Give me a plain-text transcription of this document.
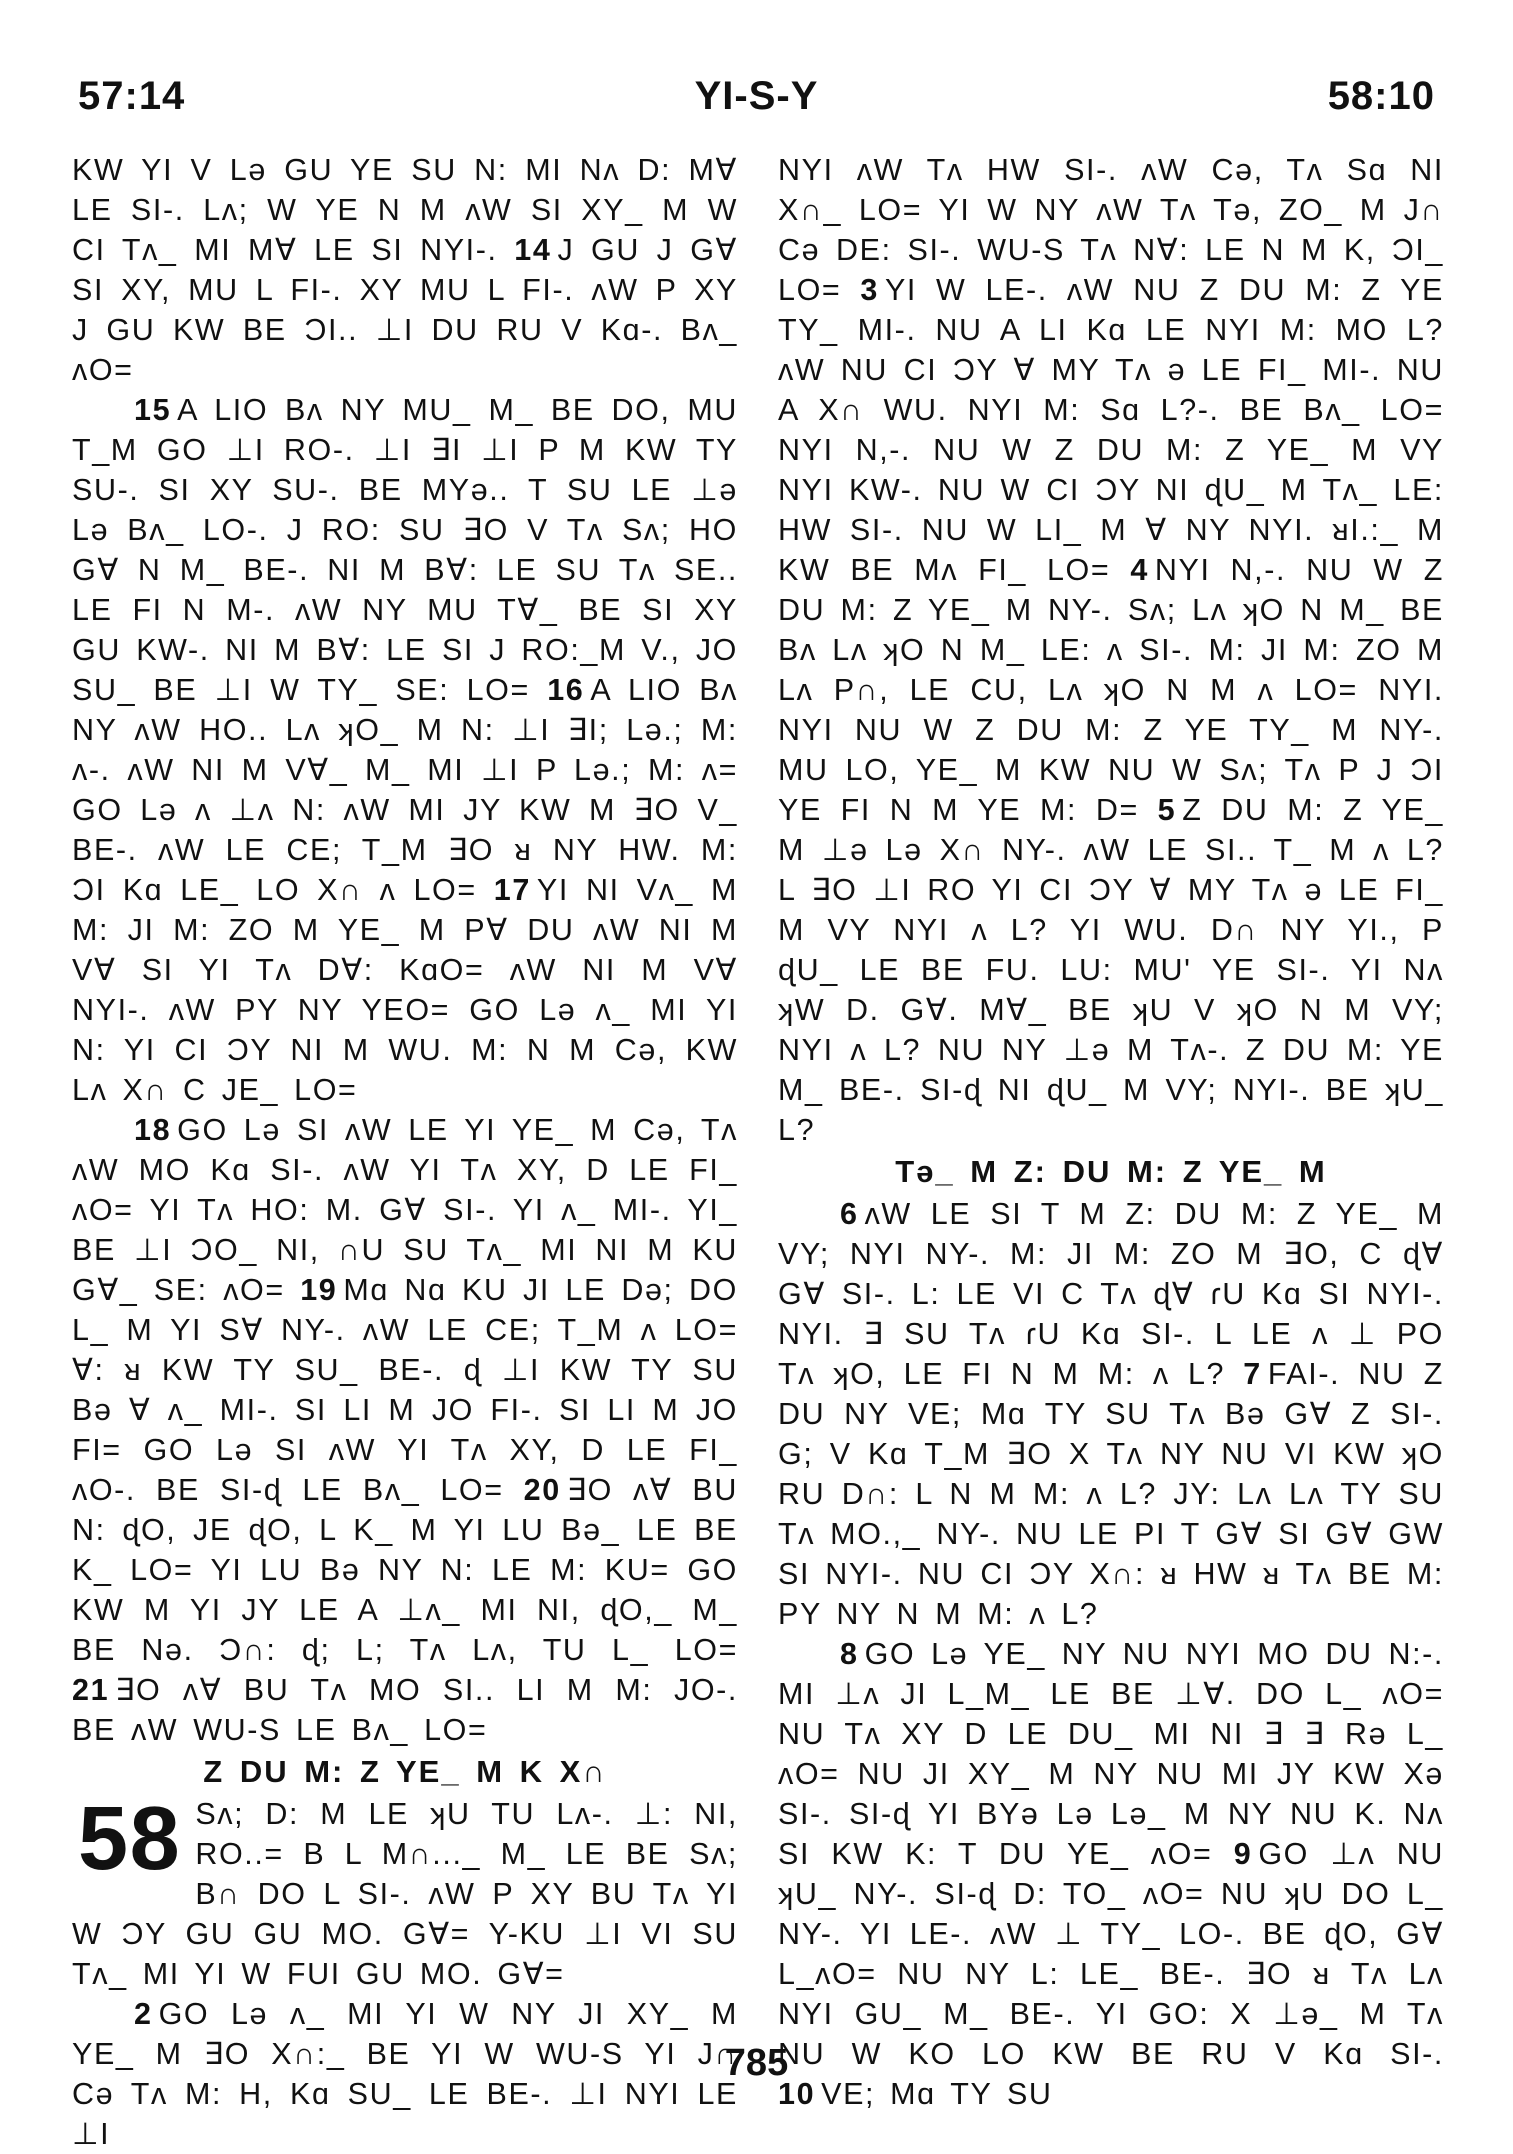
57:14	YI-S-Y	58:10

KW YI V Lǝ GU YE SU N: MI Nʌ D: MⱯ LE SI-. Lʌ; W YE N M ʌW SI XY_ M W CI Tʌ_ MI MⱯ LE SI NYI-. 14 J GU J GⱯ SI XY, MU L FI-. XY MU L FI-. ʌW P XY J GU KW BE ƆI.. ⊥I DU RU V Kɑ-. Bʌ_ ʌO=

15 A LIO Bʌ NY MU_ M_ BE DO, MU T_M GO ⊥I RO-. ⊥I ∃I ⊥I P M KW TY SU-. SI XY SU-. BE MYǝ.. T SU LE ⊥ǝ Lǝ Bʌ_ LO-. J RO: SU ∃O V Tʌ Sʌ; HO GⱯ N M_ BE-. NI M BⱯ: LE SU Tʌ SE.. LE FI N M-. ʌW NY MU TⱯ_ BE SI XY GU KW-. NI M BⱯ: LE SI J RO:_M V., JO SU_ BE ⊥I W TY_ SE: LO= 16 A LIO Bʌ NY ʌW HO.. Lʌ ʞO_ M N: ⊥I ∃I; Lǝ.; M: ʌ-. ʌW NI M VⱯ_ M_ MI ⊥I P Lǝ.; M: ʌ= GO Lǝ ʌ ⊥ʌ N: ʌW MI JY KW M ∃O V_ BE-. ʌW LE CE; T_M ∃O ᴚ NY HW. M: ƆI Kɑ LE_ LO X∩ ʌ LO= 17 YI NI Vʌ_ M M: JI M: ZO M YE_ M PⱯ DU ʌW NI M VⱯ SI YI Tʌ DⱯ: KɑO= ʌW NI M VⱯ NYI-. ʌW PY NY YEO= GO Lǝ ʌ_ MI YI N: YI CI ƆY NI M WU. M: N M Cǝ, KW Lʌ X∩ C JE_ LO=

18 GO Lǝ SI ʌW LE YI YE_ M Cǝ, Tʌ ʌW MO Kɑ SI-. ʌW YI Tʌ XY, D LE FI_ ʌO= YI Tʌ HO: M. GⱯ SI-. YI ʌ_ MI-. YI_ BE ⊥I ƆO_ NI, ∩U SU Tʌ_ MI NI M KU GⱯ_ SE: ʌO= 19 Mɑ Nɑ KU JI LE Dǝ; DO L_ M YI SⱯ NY-. ʌW LE CE; T_M ʌ LO= Ɐ: ᴚ KW TY SU_ BE-. ɖ ⊥I KW TY SU Bǝ Ɐ ʌ_ MI-. SI LI M JO FI-. SI LI M JO FI= GO Lǝ SI ʌW YI Tʌ XY, D LE FI_ ʌO-. BE SI-ɖ LE Bʌ_ LO= 20 ∃O ʌⱯ BU N: ɖO, JE ɖO, L K_ M YI LU Bǝ_ LE BE K_ LO= YI LU Bǝ NY N: LE M: KU= GO KW M YI JY LE A ⊥ʌ_ MI NI, ɖO,_ M_ BE Nǝ. Ɔ∩: ɖ; L; Tʌ Lʌ, TU L_ LO= 21 ∃O ʌⱯ BU Tʌ MO SI.. LI M M: JO-. BE ʌW WU-S LE Bʌ_ LO=

Z DU M: Z YE_ M K X∩
58 Sʌ; D: M LE ʞU TU Lʌ-. ⊥: NI, RO..= B L M∩..._ M_ LE BE Sʌ; B∩ DO L SI-. ʌW P XY BU Tʌ YI W ƆY GU GU MO. GⱯ= Y-KU ⊥I VI SU Tʌ_ MI YI W FUI GU MO. GⱯ=

2 GO Lǝ ʌ_ MI YI W NY JI XY_ M YE_ M ∃O X∩:_ BE YI W WU-S YI J∩ Cǝ Tʌ M: H, Kɑ SU_ LE BE-. ⊥I NYI LE ⊥I

NYI ʌW Tʌ HW SI-. ʌW Cǝ, Tʌ Sɑ NI X∩_ LO= YI W NY ʌW Tʌ Tǝ, ZO_ M J∩ Cǝ DE: SI-. WU-S Tʌ NⱯ: LE N M K, ƆI_ LO= 3 YI W LE-. ʌW NU Z DU M: Z YE TY_ MI-. NU A LI Kɑ LE NYI M: MO L? ʌW NU CI ƆY Ɐ MY Tʌ ǝ LE FI_ MI-. NU A X∩ WU. NYI M: Sɑ L?-. BE Bʌ_ LO= NYI N,-. NU W Z DU M: Z YE_ M VY NYI KW-. NU W CI ƆY NI ɖU_ M Tʌ_ LE: HW SI-. NU W LI_ M Ɐ NY NYI. ᴚI.:_ M KW BE Mʌ FI_ LO= 4 NYI N,-. NU W Z DU M: Z YE_ M NY-. Sʌ; Lʌ ʞO N M_ BE Bʌ Lʌ ʞO N M_ LE: ʌ SI-. M: JI M: ZO M Lʌ P∩, LE CU, Lʌ ʞO N M ʌ LO= NYI. NYI NU W Z DU M: Z YE TY_ M NY-. MU LO, YE_ M KW NU W Sʌ; Tʌ P J ƆI YE FI N M YE M: D= 5 Z DU M: Z YE_ M ⊥ǝ Lǝ X∩ NY-. ʌW LE SI.. T_ M ʌ L? L ∃O ⊥I RO YI CI ƆY Ɐ MY Tʌ ǝ LE FI_ M VY NYI ʌ L? YI WU. D∩ NY YI., P ɖU_ LE BE FU. LU: MU' YE SI-. YI Nʌ ʞW D. GⱯ. MⱯ_ BE ʞU V ʞO N M VY; NYI ʌ L? NU NY ⊥ǝ M Tʌ-. Z DU M: YE M_ BE-. SI-ɖ NI ɖU_ M VY; NYI-. BE ʞU_ L?

Tǝ_ M Z: DU M: Z YE_ M

6 ʌW LE SI T M Z: DU M: Z YE_ M VY; NYI NY-. M: JI M: ZO M ∃O, C ɖⱯ GⱯ SI-. L: LE VI C Tʌ ɖⱯ ɾU Kɑ SI NYI-. NYI. ∃ SU Tʌ ɾU Kɑ SI-. L LE ʌ ⊥ PO Tʌ ʞO, LE FI N M M: ʌ L? 7 FAI-. NU Z DU NY VE; Mɑ TY SU Tʌ Bǝ GⱯ Z SI-. G; V Kɑ T_M ∃O X Tʌ NY NU VI KW ʞO RU D∩: L N M M: ʌ L? JY: Lʌ Lʌ TY SU Tʌ MO.,_ NY-. NU LE PI T GⱯ SI GⱯ GW SI NYI-. NU CI ƆY X∩: ᴚ HW ᴚ Tʌ BE M: PY NY N M M: ʌ L?

8 GO Lǝ YE_ NY NU NYI MO DU N:-. MI ⊥ʌ JI L_M_ LE BE ⊥Ɐ. DO L_ ʌO= NU Tʌ XY D LE DU_ MI NI ∃ ∃ Rǝ L_ ʌO= NU JI XY_ M NY NU MI JY KW Xǝ SI-. SI-ɖ YI BYǝ Lǝ Lǝ_ M NY NU K. Nʌ SI KW K: T DU YE_ ʌO= 9 GO ⊥ʌ NU ʞU_ NY-. SI-ɖ D: TO_ ʌO= NU ʞU DO L_ NY-. YI LE-. ʌW ⊥ TY_ LO-. BE ɖO, GⱯ L_ʌO= NU NY L: LE_ BE-. ∃O ᴚ Tʌ Lʌ NYI GU_ M_ BE-. YI GO: X ⊥ǝ_ M Tʌ NU W KO LO KW BE RU V Kɑ SI-. 10 VE; Mɑ TY SU

785
